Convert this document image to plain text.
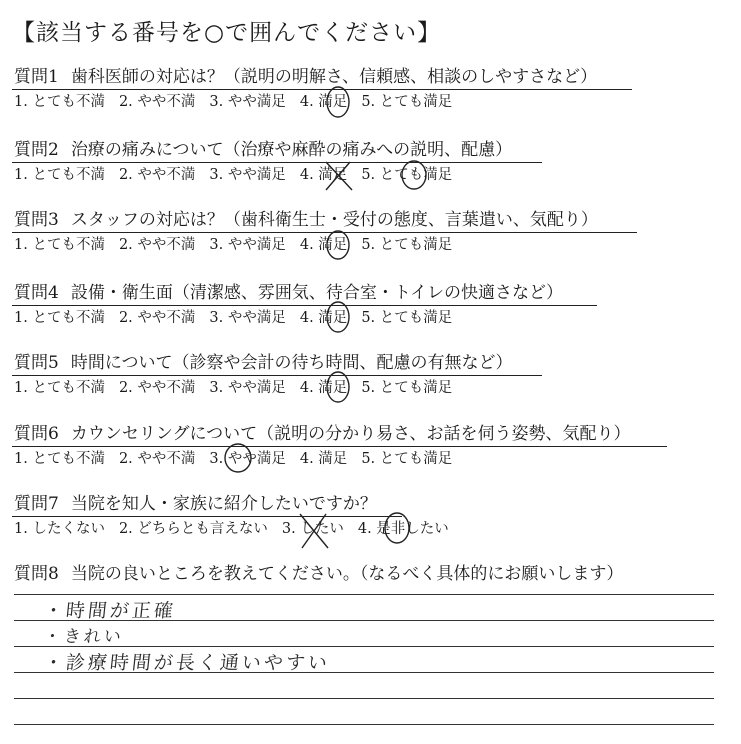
【該当する番号を○で囲んでください】
質問1 歯科医師の対応は？（説明の明解さ、信頼感、相談のしやすさなど）
1. とても不満 2. やや不満 3. やや満足 4. 満足 5. とても満足
質問2 治療の痛みについて（治療や麻酔の痛みへの説明、配慮）
1. とても不満 2. やや不満 3. やや満足 4. 満足 5. とても満足
質問3 スタッフの対応は？（歯科衛生士・受付の態度、言葉遣い、気配り）
1. とても不満 2. やや不満 3. やや満足 4. 満足 5. とても満足
質問4 設備・衛生面（清潔感、雰囲気、待合室・トイレの快適さなど）
1. とても不満 2. やや不満 3. やや満足 4. 満足 5. とても満足
質問5 時間について（診察や会計の待ち時間、配慮の有無など）
1. とても不満 2. やや不満 3. やや満足 4. 満足 5. とても満足
質問6 カウンセリングについて（説明の分かり易さ、お話を伺う姿勢、気配り）
1. とても不満 2. やや不満 3. やや満足 4. 満足 5. とても満足
質問7 当院を知人・家族に紹介したいですか？
1. したくない 2. どちらとも言えない 3. したい 4. 是非したい
質問8 当院の良いところを教えてください。（なるべく具体的にお願いします）
・時間が正確
・きれい
・診療時間が長く通いやすい
